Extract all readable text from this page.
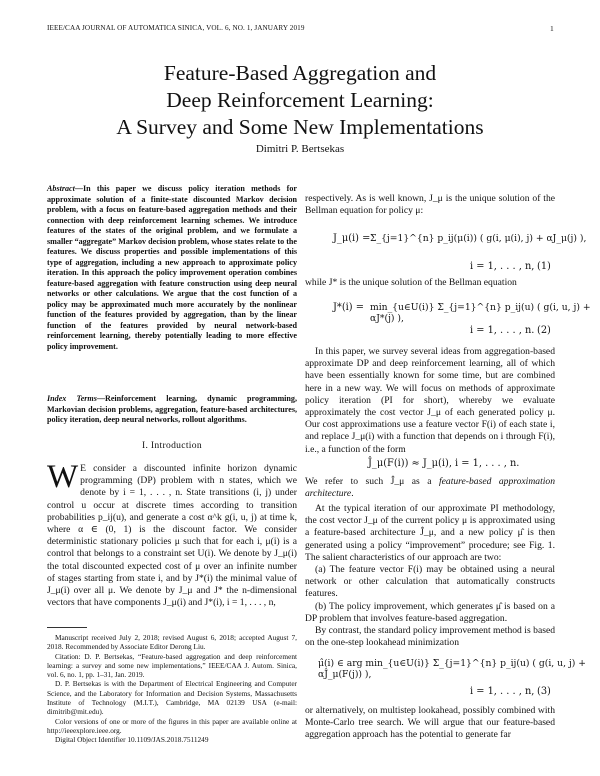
IEEE/CAA JOURNAL OF AUTOMATICA SINICA, VOL. 6, NO. 1, JANUARY 2019	1
Feature-Based Aggregation and
Deep Reinforcement Learning:
A Survey and Some New Implementations
Dimitri P. Bertsekas
Abstract—In this paper we discuss policy iteration methods for approximate solution of a finite-state discounted Markov decision problem, with a focus on feature-based aggregation methods and their connection with deep reinforcement learning schemes. We introduce features of the states of the original problem, and we formulate a smaller “aggregate” Markov decision problem, whose states relate to the features. We discuss properties and possible implementations of this type of aggregation, including a new approach to approximate policy iteration. In this approach the policy improvement operation combines feature-based aggregation with feature construction using deep neural networks or other calculations. We argue that the cost function of a policy may be approximated much more accurately by the nonlinear function of the features provided by aggregation, than by the linear function of the features provided by neural network-based reinforcement learning, thereby potentially leading to more effective policy improvement.
Index Terms—Reinforcement learning, dynamic programming, Markovian decision problems, aggregation, feature-based architectures, policy iteration, deep neural networks, rollout algorithms.
I. Introduction
W E consider a discounted infinite horizon dynamic programming (DP) problem with n states, which we denote by i = 1, . . . , n. State transitions (i, j) under control u occur at discrete times according to transition probabilities p_ij(u), and generate a cost α^k g(i, u, j) at time k, where α ∈ (0, 1) is the discount factor. We consider deterministic stationary policies μ such that for each i, μ(i) is a control that belongs to a constraint set U(i). We denote by J_μ(i) the total discounted expected cost of μ over an infinite number of stages starting from state i, and by J*(i) the minimal value of J_μ(i) over all μ. We denote by J_μ and J* the n-dimensional vectors that have components J_μ(i) and J*(i), i = 1, . . . , n,

Manuscript received July 2, 2018; revised August 6, 2018; accepted August 7, 2018. Recommended by Associate Editor Derong Liu.

Citation: D. P. Bertsekas, “Feature-based aggregation and deep reinforcement learning: a survey and some new implementations,” IEEE/CAA J. Autom. Sinica, vol. 6, no. 1, pp. 1–31, Jan. 2019.

D. P. Bertsekas is with the Department of Electrical Engineering and Computer Science, and the Laboratory for Information and Decision Systems, Massachusetts Institute of Technology (M.I.T.), Cambridge, MA 02139 USA (e-mail: dimitrib@mit.edu).

Color versions of one or more of the figures in this paper are available online at http://ieeexplore.ieee.org.

Digital Object Identifier 10.1109/JAS.2018.7511249

respectively. As is well known, J_μ is the unique solution of the Bellman equation for policy μ:
J_μ(i) = Σ_{j=1}^{n} p_ij(μ(i)) ( g(i, μ(i), j) + αJ_μ(j) ),
i = 1, . . . , n, (1)
while J* is the unique solution of the Bellman equation
J*(i) = min_{u∈U(i)} Σ_{j=1}^{n} p_ij(u) ( g(i, u, j) + αJ*(j) ),
i = 1, . . . , n. (2)

In this paper, we survey several ideas from aggregation-based approximate DP and deep reinforcement learning, all of which have been essentially known for some time, but are combined here in a new way. We will focus on methods of approximate policy iteration (PI for short), whereby we evaluate approximately the cost vector J_μ of each generated policy μ. Our cost approximations use a feature vector F(i) of each state i, and replace J_μ(i) with a function that depends on i through F(i), i.e., a function of the form

Ĵ_μ(F(i)) ≈ J_μ(i), i = 1, . . . , n.
We refer to such Ĵ_μ as a feature-based approximation architecture.

At the typical iteration of our approximate PI methodology, the cost vector J_μ of the current policy μ is approximated using a feature-based architecture Ĵ_μ, and a new policy μ̂ is then generated using a policy “improvement” procedure; see Fig. 1. The salient characteristics of our approach are two:

(a) The feature vector F(i) may be obtained using a neural network or other calculation that automatically constructs features.

(b) The policy improvement, which generates μ̂ is based on a DP problem that involves feature-based aggregation.

By contrast, the standard policy improvement method is based on the one-step lookahead minimization

μ̂(i) ∈ arg min_{u∈U(i)} Σ_{j=1}^{n} p_ij(u) ( g(i, u, j) + αĴ_μ(F(j)) ),
i = 1, . . . , n, (3)
or alternatively, on multistep lookahead, possibly combined with Monte-Carlo tree search. We will argue that our feature-based aggregation approach has the potential to generate far
